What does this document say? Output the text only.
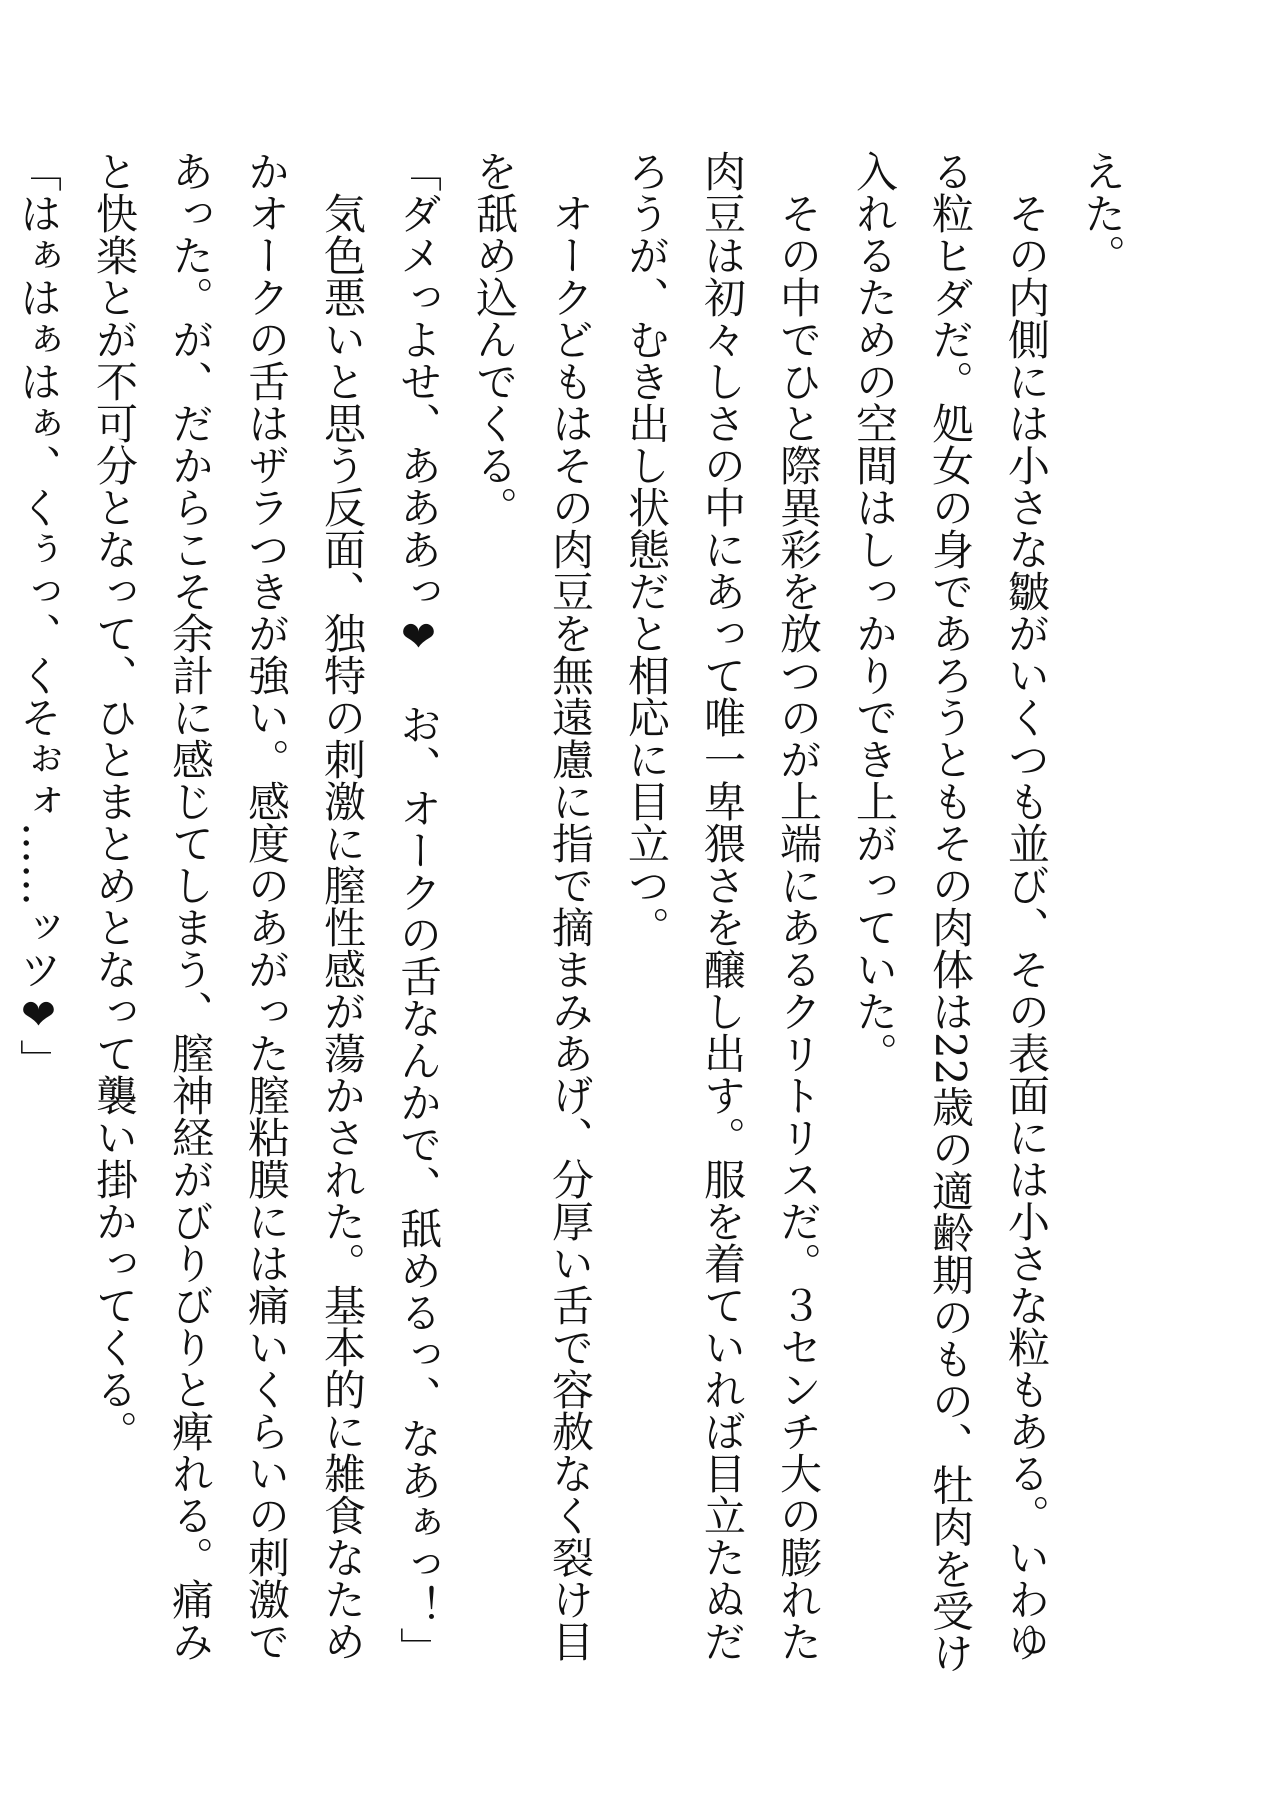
えた。
　その内側には小さな皺がいくつも並び、その表面には小さな粒もある。いわゆ
る粒ヒダだ。処女の身であろうともその肉体は22歳の適齢期のもの、牡肉を受け
入れるための空間はしっかりでき上がっていた。
　その中でひと際異彩を放つのが上端にあるクリトリスだ。３センチ大の膨れた
肉豆は初々しさの中にあって唯一卑猥さを醸し出す。服を着ていれば目立たぬだ
ろうが、むき出し状態だと相応に目立つ。
　オークどもはその肉豆を無遠慮に指で摘まみあげ、分厚い舌で容赦なく裂け目
を舐め込んでくる。
「ダメっよせ、あああっ❤　お、オークの舌なんかで、舐めるっ、なあぁっ！」
　気色悪いと思う反面、独特の刺激に膣性感が蕩かされた。基本的に雑食なため
かオークの舌はザラつきが強い。感度のあがった膣粘膜には痛いくらいの刺激で
あった。が、だからこそ余計に感じてしまう、膣神経がびりびりと痺れる。痛み
と快楽とが不可分となって、ひとまとめとなって襲い掛かってくる。
「はぁはぁはぁ、くぅっ、くそぉォ……ッツ❤」
